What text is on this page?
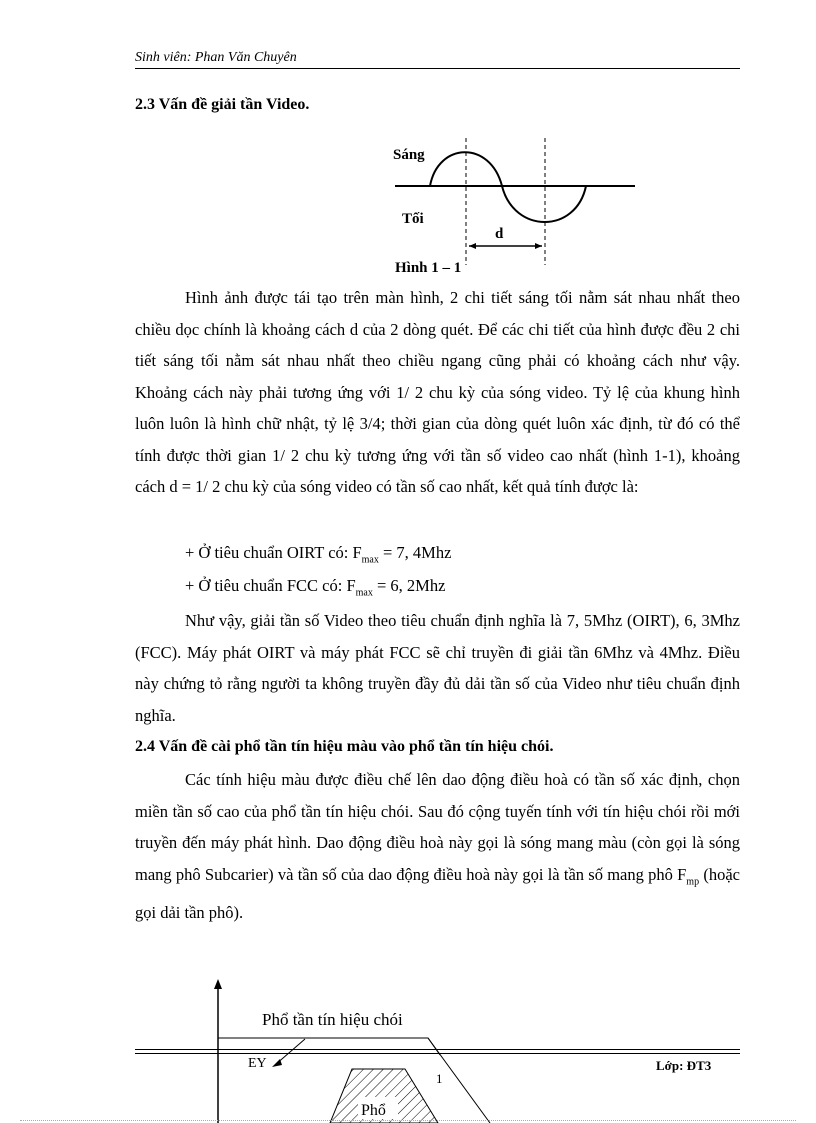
Sinh viên: Phan Văn Chuyên
2.3 Vấn đề giải tần Video.
Sáng
Tối
d
Hình 1 – 1

Hình ảnh được tái tạo trên màn hình, 2 chi tiết sáng tối nằm sát nhau nhất theo chiều dọc chính là khoảng cách d của 2 dòng quét. Để các chi tiết của hình được đều 2 chi tiết sáng tối nằm sát nhau nhất theo chiều ngang cũng phải có khoảng cách như vậy. Khoảng cách này phải tương ứng với 1/ 2 chu kỳ của sóng video. Tỷ lệ của khung hình luôn luôn là hình chữ nhật, tỷ lệ 3/4; thời gian của dòng quét luôn xác định, từ đó có thể tính được thời gian 1/ 2 chu kỳ tương ứng với tần số video cao nhất (hình 1-1), khoảng cách d = 1/ 2 chu kỳ của sóng video có tần số cao nhất, kết quả tính được là:

+ Ở tiêu chuẩn OIRT có: $F_{max} = 7$, 4Mhz
+ Ở tiêu chuẩn FCC có: $F_{max} = 6$, 2Mhz

Như vậy, giải tần số Video theo tiêu chuẩn định nghĩa là 7, 5Mhz (OIRT), 6, 3Mhz (FCC). Máy phát OIRT và máy phát FCC sẽ chỉ truyền đi giải tần 6Mhz và 4Mhz. Điều này chứng tỏ rằng người ta không truyền đầy đủ dải tần số của Video như tiêu chuẩn định nghĩa.

2.4 Vấn đề cài phổ tần tín hiệu màu vào phổ tần tín hiệu chói.

Các tính hiệu màu được điều chế lên dao động điều hoà có tần số xác định, chọn miền tần số cao của phổ tần tín hiệu chói. Sau đó cộng tuyến tính với tín hiệu chói rồi mới truyền đến máy phát hình. Dao động điều hoà này gọi là sóng mang màu (còn gọi là sóng mang phô Subcarier) và tần số của dao động điều hoà này gọi là tần số mang phô $F_{mp}$ (hoặc gọi dải tần phô).

Phổ tần tín hiệu chói
EY
Phổ
1
Lớp: ĐT3
